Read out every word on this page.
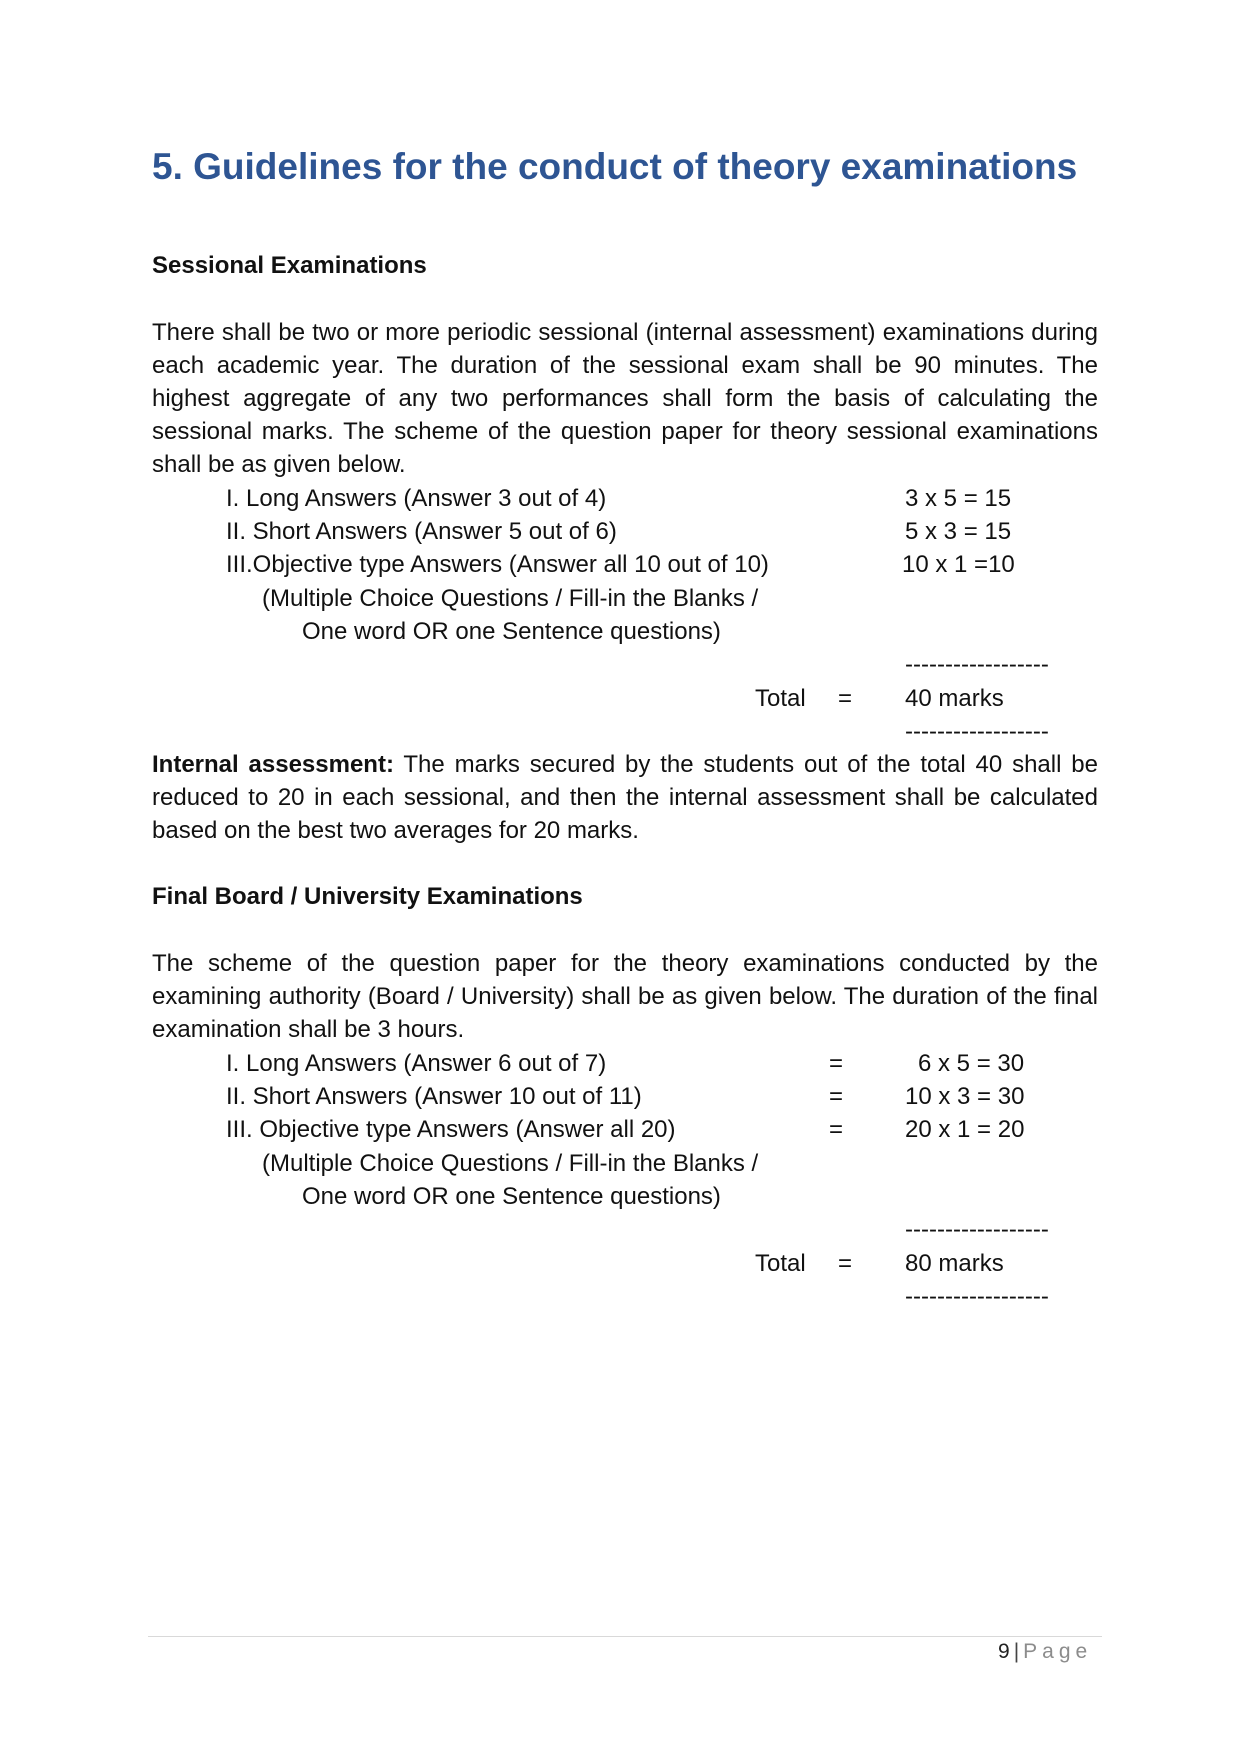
5. Guidelines for the conduct of theory examinations
Sessional Examinations

There shall be two or more periodic sessional (internal assessment) examinations during each academic year. The duration of the sessional exam shall be 90 minutes. The highest aggregate of any two performances shall form the basis of calculating the sessional marks. The scheme of the question paper for theory sessional examinations shall be as given below.

I. Long Answers (Answer 3 out of 4)	3 x 5 = 15

II. Short Answers (Answer 5 out of 6)	5 x 3 = 15

III.Objective type Answers (Answer all 10 out of 10)	10 x 1 =10

(Multiple Choice Questions / Fill-in the Blanks /

One word OR one Sentence questions)

------------------

Total = 40 marks

------------------

Internal assessment: The marks secured by the students out of the total 40 shall be reduced to 20 in each sessional, and then the internal assessment shall be calculated based on the best two averages for 20 marks.

Final Board / University Examinations

The scheme of the question paper for the theory examinations conducted by the examining authority (Board / University) shall be as given below. The duration of the final examination shall be 3 hours.

I. Long Answers (Answer 6 out of 7)	=	6 x 5 = 30

II. Short Answers (Answer 10 out of 11)	=	10 x 3 = 30

III. Objective type Answers (Answer all 20)	=	20 x 1 = 20

(Multiple Choice Questions / Fill-in the Blanks /

One word OR one Sentence questions)

------------------

Total = 80 marks

------------------

9 | Page
